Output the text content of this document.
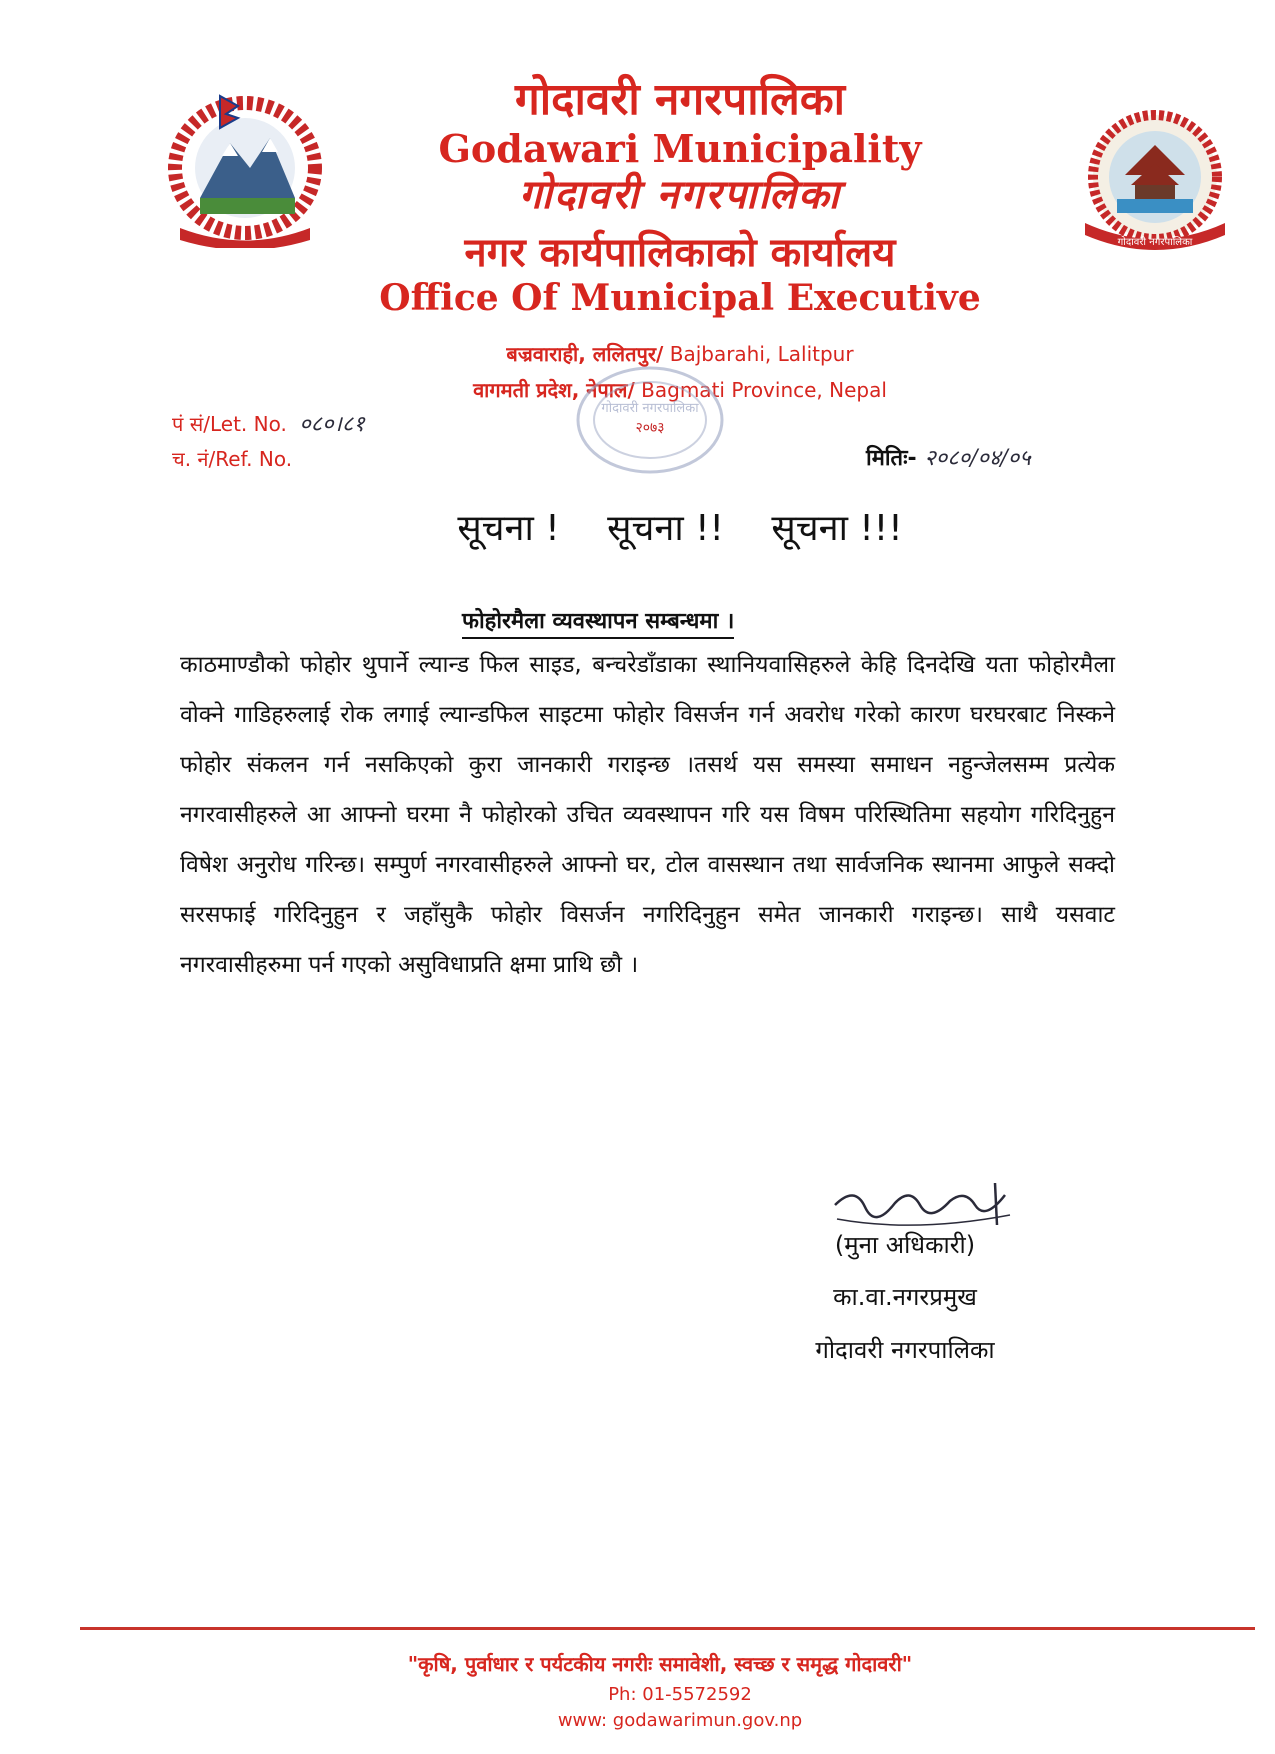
गोदावरी नगरपालिका
गोदावरी नगरपालिका
Godawari Municipality
गोदावरी नगरपालिका
नगर कार्यपालिकाको कार्यालय
Office Of Municipal Executive
बज्रवाराही, ललितपुर/ Bajbarahi, Lalitpur
वागमती प्रदेश, नेपाल/ Bagmati Province, Nepal
गोदावरी नगरपालिका
२०७३
पं सं/Let. No. ०८०।८१
च. नं/Ref. No.	मितिः- २०८०/०४/०५
सूचना ! सूचना !! सूचना !!!
फोहोरमैला व्यवस्थापन सम्बन्धमा ।
काठमाण्डौको फोहोर थुपार्ने ल्यान्ड फिल साइड, बन्चरेडाँडाका स्थानियवासिहरुले केहि दिनदेखि यता फोहोरमैला वोक्ने गाडिहरुलाई रोक लगाई ल्यान्डफिल साइटमा फोहोर विसर्जन गर्न अवरोध गरेको कारण घरघरबाट निस्कने फोहोर संकलन गर्न नसकिएको कुरा जानकारी गराइन्छ ।तसर्थ यस समस्या समाधन नहुन्जेलसम्म प्रत्येक नगरवासीहरुले आ आफ्नो घरमा नै फोहोरको उचित व्यवस्थापन गरि यस विषम परिस्थितिमा सहयोग गरिदिनुहुन विषेश अनुरोध गरिन्छ। सम्पुर्ण नगरवासीहरुले आफ्नो घर, टोल वासस्थान तथा सार्वजनिक स्थानमा आफुले सक्दो सरसफाई गरिदिनुहुन र जहाँसुकै फोहोर विसर्जन नगरिदिनुहुन समेत जानकारी गराइन्छ। साथै यसवाट नगरवासीहरुमा पर्न गएको असुविधाप्रति क्षमा प्राथि छौ ।
(मुना अधिकारी)
का.वा.नगरप्रमुख
गोदावरी नगरपालिका
"कृषि, पुर्वाधार र पर्यटकीय नगरीः समावेशी, स्वच्छ र समृद्ध गोदावरी"
Ph: 01-5572592
www: godawarimun.gov.np
